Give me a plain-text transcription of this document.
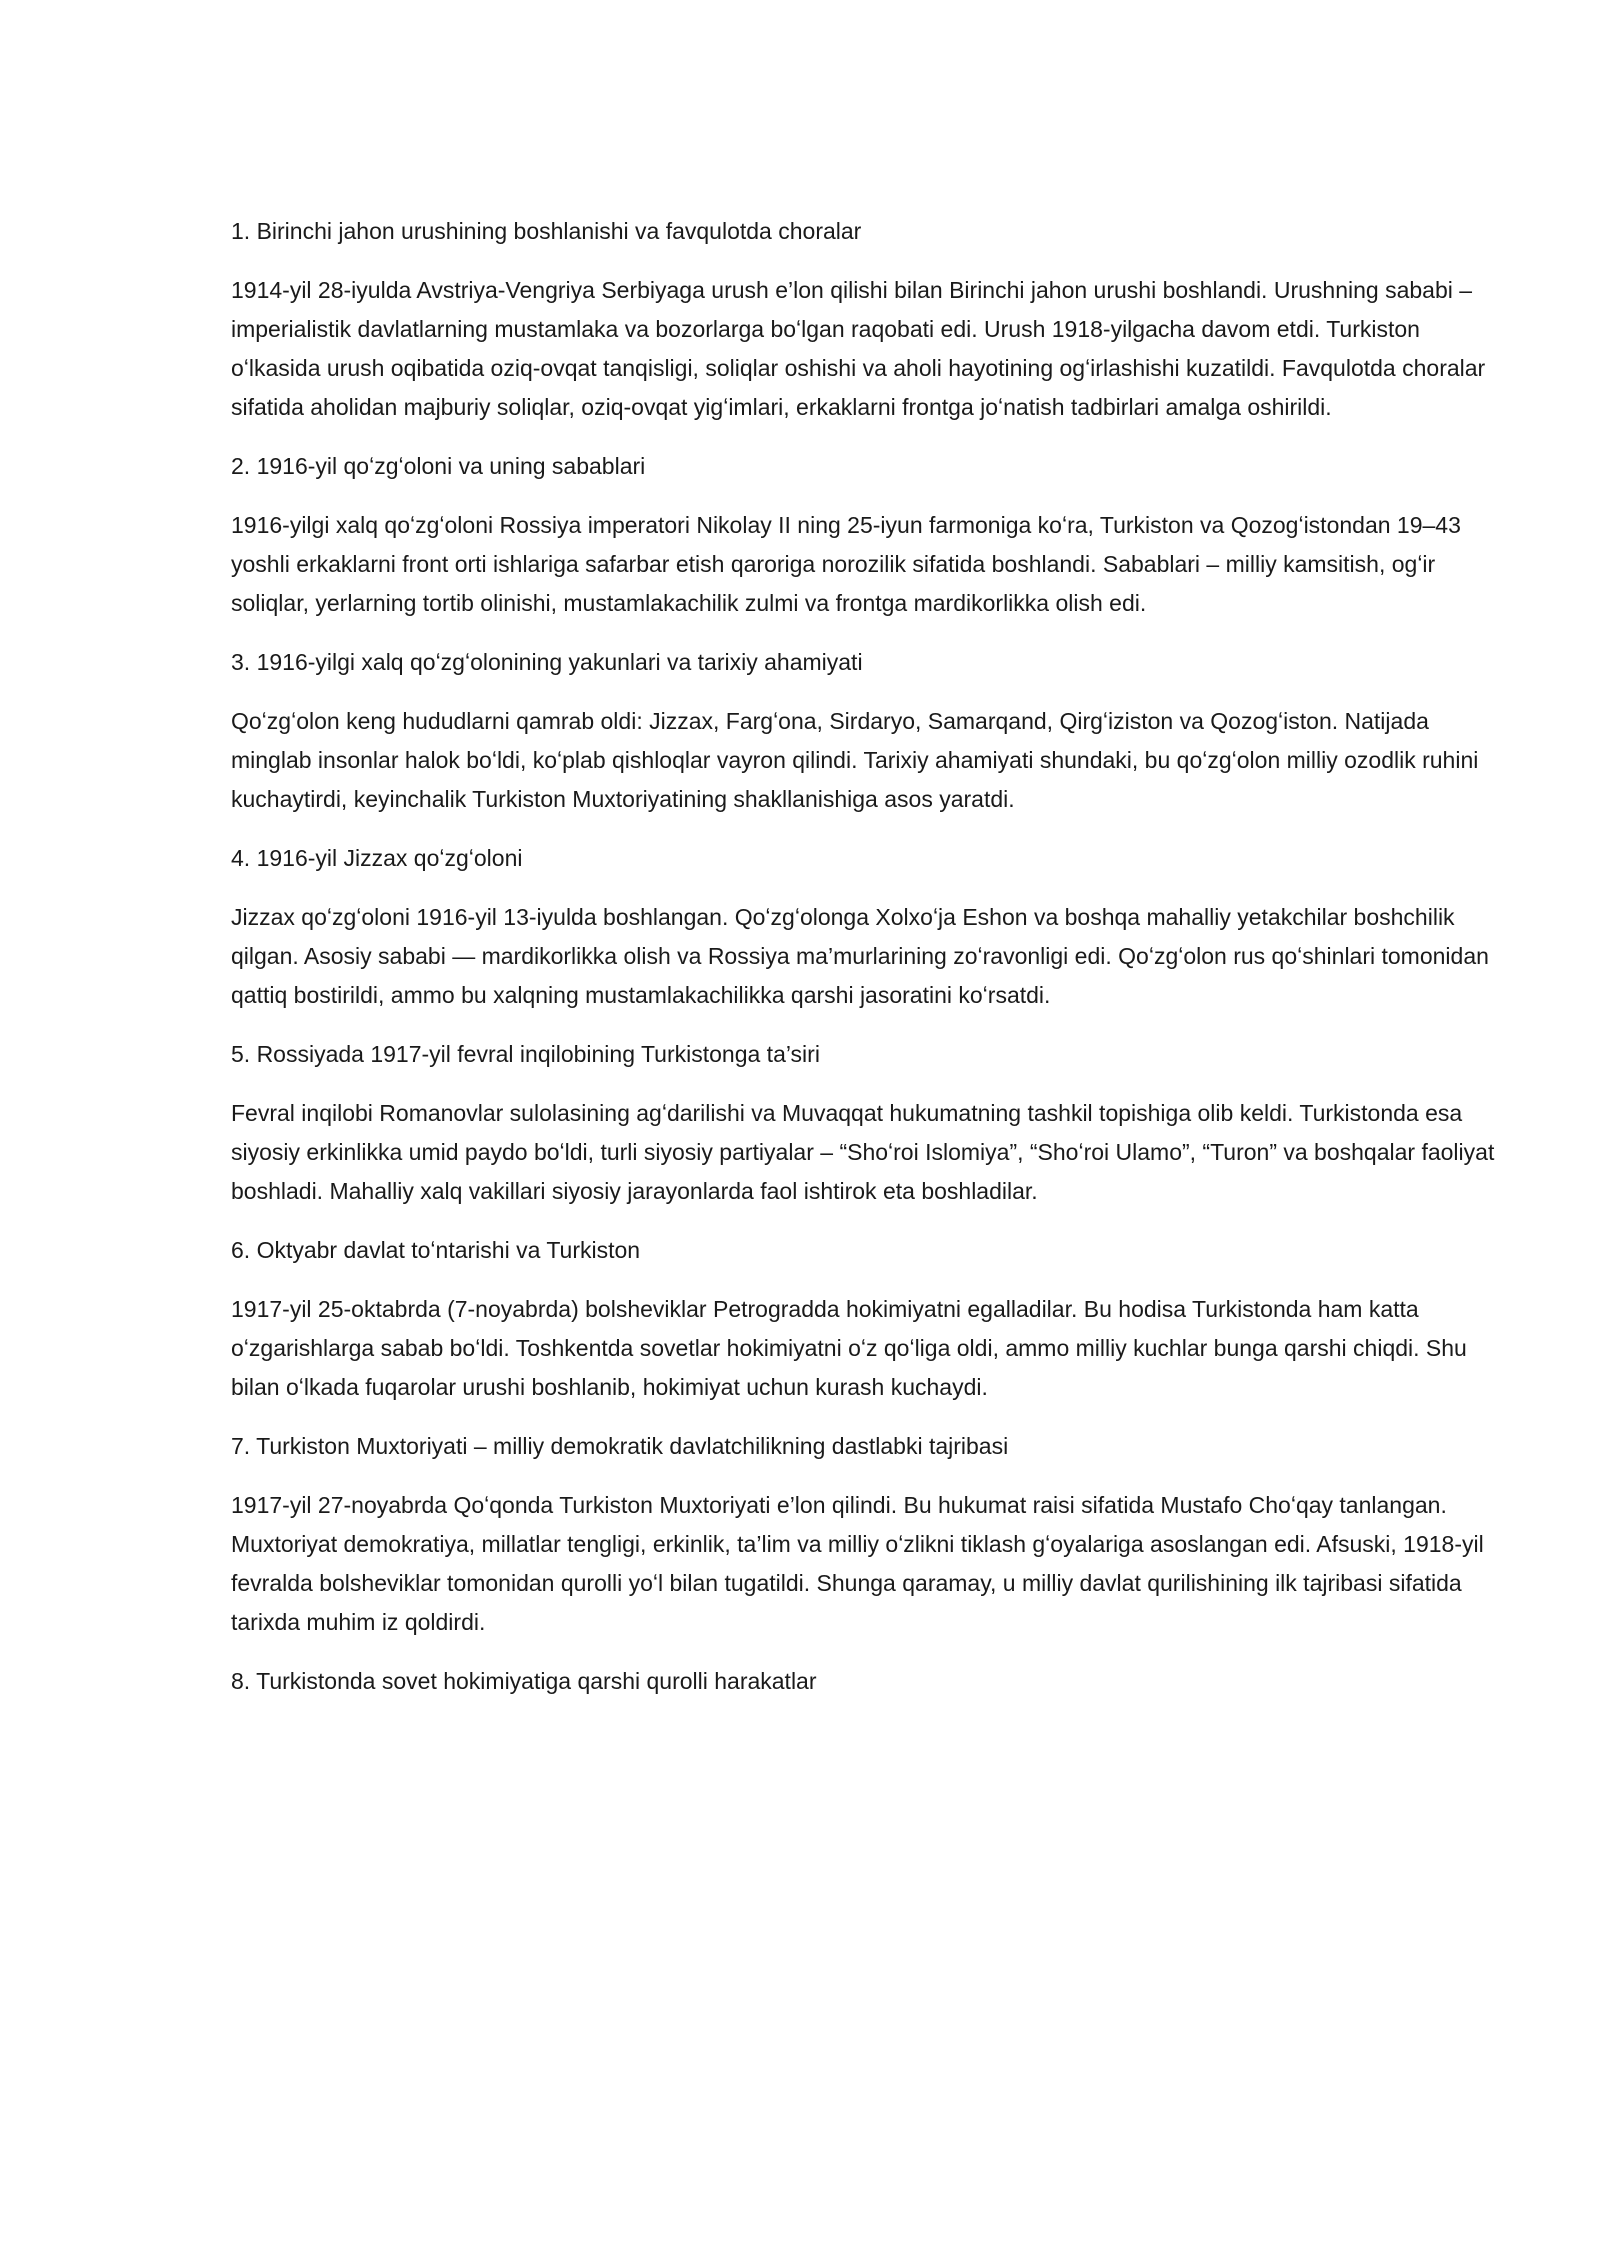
1. Birinchi jahon urushining boshlanishi va favqulotda choralar

1914-yil 28-iyulda Avstriya-Vengriya Serbiyaga urush e’lon qilishi bilan Birinchi jahon urushi boshlandi. Urushning sababi – imperialistik davlatlarning mustamlaka va bozorlarga boʻlgan raqobati edi. Urush 1918-yilgacha davom etdi. Turkiston oʻlkasida urush oqibatida oziq-ovqat tanqisligi, soliqlar oshishi va aholi hayotining ogʻirlashishi kuzatildi. Favqulotda choralar sifatida aholidan majburiy soliqlar, oziq-ovqat yigʻimlari, erkaklarni frontga joʻnatish tadbirlari amalga oshirildi.

2. 1916-yil qoʻzgʻoloni va uning sabablari

1916-yilgi xalq qoʻzgʻoloni Rossiya imperatori Nikolay II ning 25-iyun farmoniga koʻra, Turkiston va Qozogʻistondan 19–43 yoshli erkaklarni front orti ishlariga safarbar etish qaroriga norozilik sifatida boshlandi. Sabablari – milliy kamsitish, ogʻir soliqlar, yerlarning tortib olinishi, mustamlakachilik zulmi va frontga mardikorlikka olish edi.

3. 1916-yilgi xalq qoʻzgʻolonining yakunlari va tarixiy ahamiyati

Qoʻzgʻolon keng hududlarni qamrab oldi: Jizzax, Fargʻona, Sirdaryo, Samarqand, Qirgʻiziston va Qozogʻiston. Natijada minglab insonlar halok boʻldi, koʻplab qishloqlar vayron qilindi. Tarixiy ahamiyati shundaki, bu qoʻzgʻolon milliy ozodlik ruhini kuchaytirdi, keyinchalik Turkiston Muxtoriyatining shakllanishiga asos yaratdi.

4. 1916-yil Jizzax qoʻzgʻoloni

Jizzax qoʻzgʻoloni 1916-yil 13-iyulda boshlangan. Qoʻzgʻolonga Xolxoʻja Eshon va boshqa mahalliy yetakchilar boshchilik qilgan. Asosiy sababi — mardikorlikka olish va Rossiya ma’murlarining zoʻravonligi edi. Qoʻzgʻolon rus qoʻshinlari tomonidan qattiq bostirildi, ammo bu xalqning mustamlakachilikka qarshi jasoratini koʻrsatdi.

5. Rossiyada 1917-yil fevral inqilobining Turkistonga ta’siri

Fevral inqilobi Romanovlar sulolasining agʻdarilishi va Muvaqqat hukumatning tashkil topishiga olib keldi. Turkistonda esa siyosiy erkinlikka umid paydo boʻldi, turli siyosiy partiyalar – “Shoʻroi Islomiya”, “Shoʻroi Ulamo”, “Turon” va boshqalar faoliyat boshladi. Mahalliy xalq vakillari siyosiy jarayonlarda faol ishtirok eta boshladilar.

6. Oktyabr davlat toʻntarishi va Turkiston

1917-yil 25-oktabrda (7-noyabrda) bolsheviklar Petrogradda hokimiyatni egalladilar. Bu hodisa Turkistonda ham katta oʻzgarishlarga sabab boʻldi. Toshkentda sovetlar hokimiyatni oʻz qoʻliga oldi, ammo milliy kuchlar bunga qarshi chiqdi. Shu bilan oʻlkada fuqarolar urushi boshlanib, hokimiyat uchun kurash kuchaydi.

7. Turkiston Muxtoriyati – milliy demokratik davlatchilikning dastlabki tajribasi

1917-yil 27-noyabrda Qoʻqonda Turkiston Muxtoriyati e’lon qilindi. Bu hukumat raisi sifatida Mustafo Choʻqay tanlangan. Muxtoriyat demokratiya, millatlar tengligi, erkinlik, ta’lim va milliy oʻzlikni tiklash gʻoyalariga asoslangan edi. Afsuski, 1918-yil fevralda bolsheviklar tomonidan qurolli yoʻl bilan tugatildi. Shunga qaramay, u milliy davlat qurilishining ilk tajribasi sifatida tarixda muhim iz qoldirdi.

8. Turkistonda sovet hokimiyatiga qarshi qurolli harakatlar
